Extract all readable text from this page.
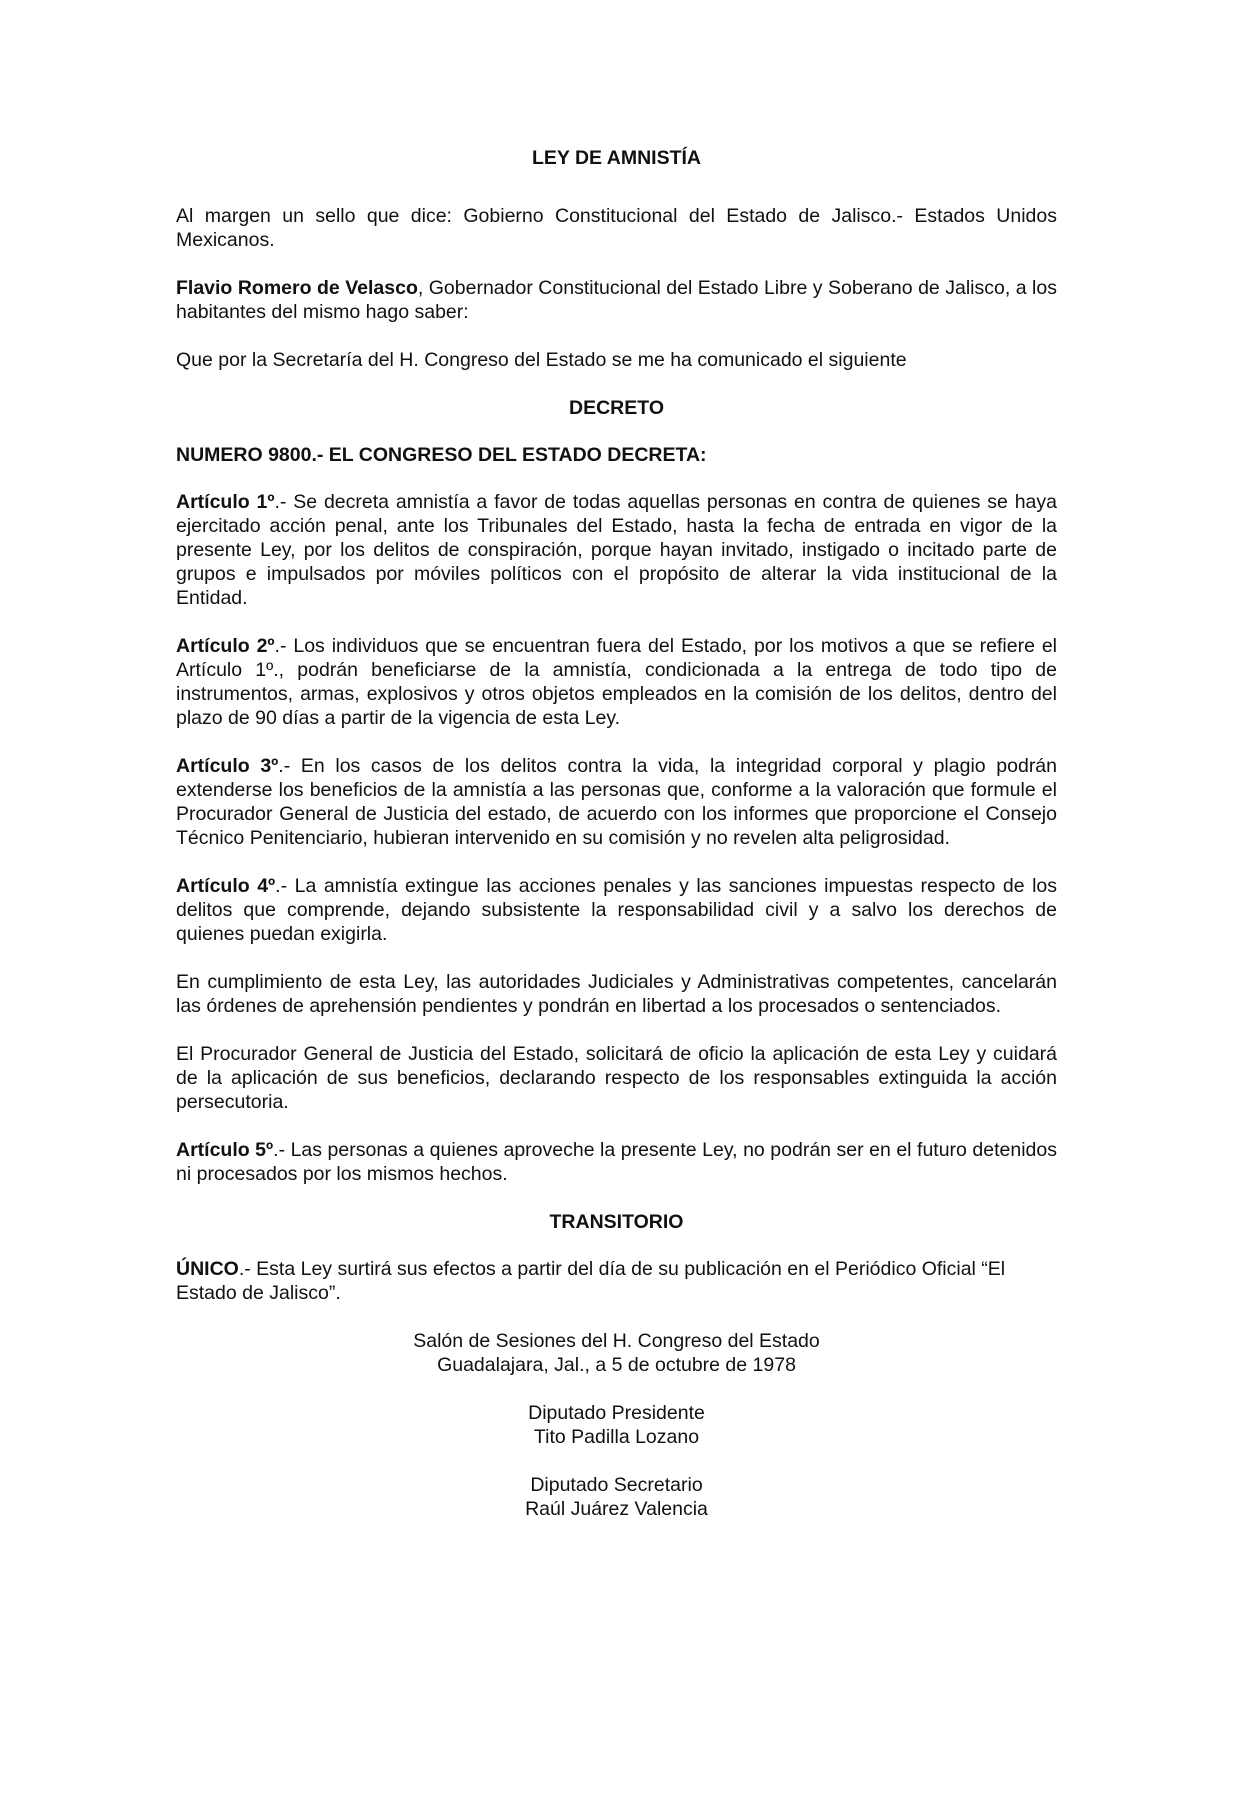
LEY DE AMNISTÍA

Al margen un sello que dice: Gobierno Constitucional del Estado de Jalisco.- Estados Unidos Mexicanos.

Flavio Romero de Velasco, Gobernador Constitucional del Estado Libre y Soberano de Jalisco, a los habitantes del mismo hago saber:

Que por la Secretaría del H. Congreso del Estado se me ha comunicado el siguiente

DECRETO
NUMERO 9800.- EL CONGRESO DEL ESTADO DECRETA:

Artículo 1º.- Se decreta amnistía a favor de todas aquellas personas en contra de quienes se haya ejercitado acción penal, ante los Tribunales del Estado, hasta la fecha de entrada en vigor de la presente Ley, por los delitos de conspiración, porque hayan invitado, instigado o incitado parte de grupos e impulsados por móviles políticos con el propósito de alterar la vida institucional de la Entidad.

Artículo 2º.- Los individuos que se encuentran fuera del Estado, por los motivos a que se refiere el Artículo 1º., podrán beneficiarse de la amnistía, condicionada a la entrega de todo tipo de instrumentos, armas, explosivos y otros objetos empleados en la comisión de los delitos, dentro del plazo de 90 días a partir de la vigencia de esta Ley.

Artículo 3º.- En los casos de los delitos contra la vida, la integridad corporal y plagio podrán extenderse los beneficios de la amnistía a las personas que, conforme a la valoración que formule el Procurador General de Justicia del estado, de acuerdo con los informes que proporcione el Consejo Técnico Penitenciario, hubieran intervenido en su comisión y no revelen alta peligrosidad.

Artículo 4º.- La amnistía extingue las acciones penales y las sanciones impuestas respecto de los delitos que comprende, dejando subsistente la responsabilidad civil y a salvo los derechos de quienes puedan exigirla.

En cumplimiento de esta Ley, las autoridades Judiciales y Administrativas competentes, cancelarán las órdenes de aprehensión pendientes y pondrán en libertad a los procesados o sentenciados.

El Procurador General de Justicia del Estado, solicitará de oficio la aplicación de esta Ley y cuidará de la aplicación de sus beneficios, declarando respecto de los responsables extinguida la acción persecutoria.

Artículo 5º.- Las personas a quienes aproveche la presente Ley, no podrán ser en el futuro detenidos ni procesados por los mismos hechos.

TRANSITORIO

ÚNICO.- Esta Ley surtirá sus efectos a partir del día de su publicación en el Periódico Oficial “El Estado de Jalisco”.

Salón de Sesiones del H. Congreso del Estado
Guadalajara, Jal., a 5 de octubre de 1978
Diputado Presidente
Tito Padilla Lozano
Diputado Secretario
Raúl Juárez Valencia
